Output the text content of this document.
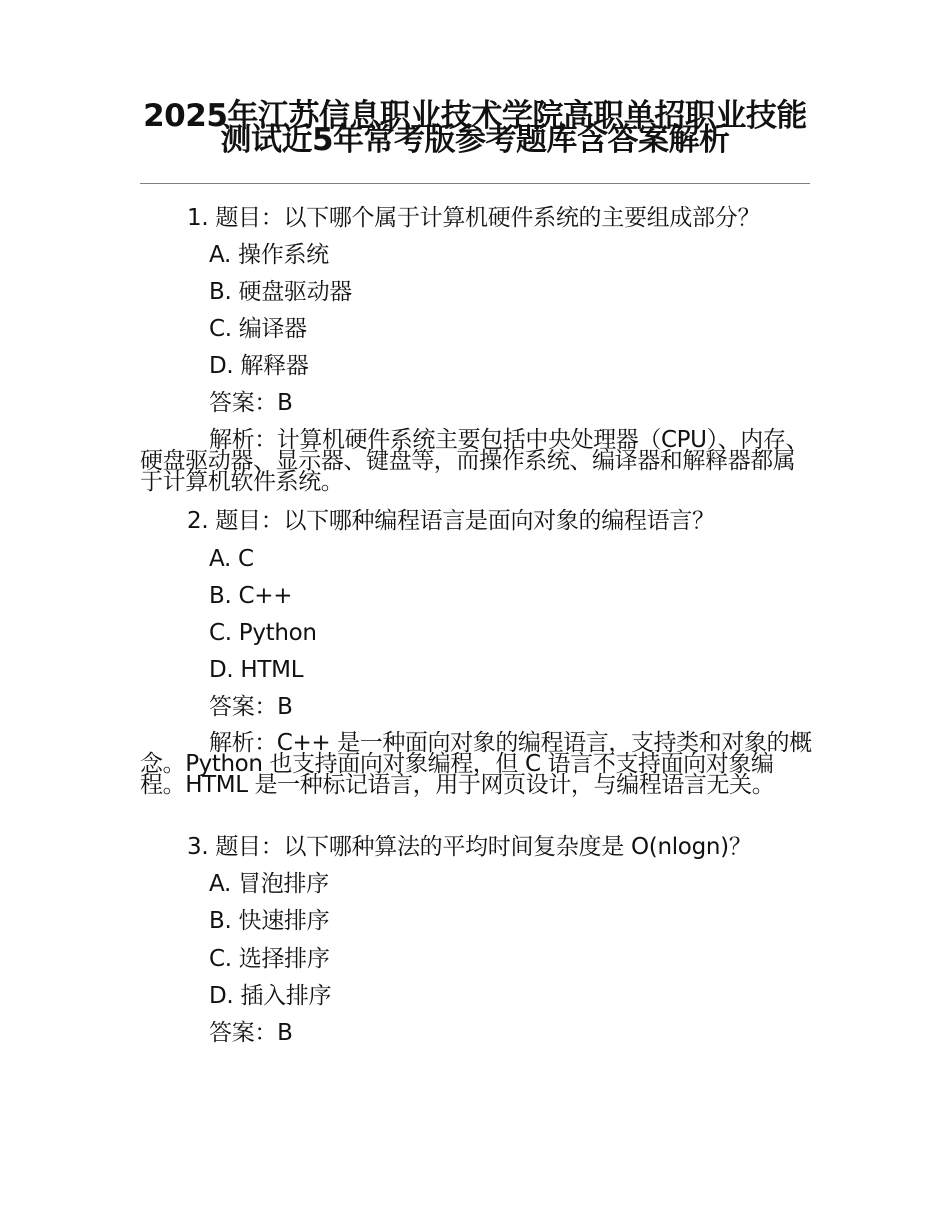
2025年江苏信息职业技术学院高职单招职业技能测试近5年常考版参考题库含答案解析
1. 题目：以下哪个属于计算机硬件系统的主要组成部分？
A. 操作系统
B. 硬盘驱动器
C. 编译器
D. 解释器
答案：B
解析：计算机硬件系统主要包括中央处理器（CPU）、内存、硬盘驱动器、显示器、键盘等，而操作系统、编译器和解释器都属于计算机软件系统。
2. 题目：以下哪种编程语言是面向对象的编程语言？
A. C
B. C++
C. Python
D. HTML
答案：B
解析：C++ 是一种面向对象的编程语言，支持类和对象的概念。Python 也支持面向对象编程，但 C 语言不支持面向对象编程。HTML 是一种标记语言，用于网页设计，与编程语言无关。
3. 题目：以下哪种算法的平均时间复杂度是 O(nlogn)？
A. 冒泡排序
B. 快速排序
C. 选择排序
D. 插入排序
答案：B
